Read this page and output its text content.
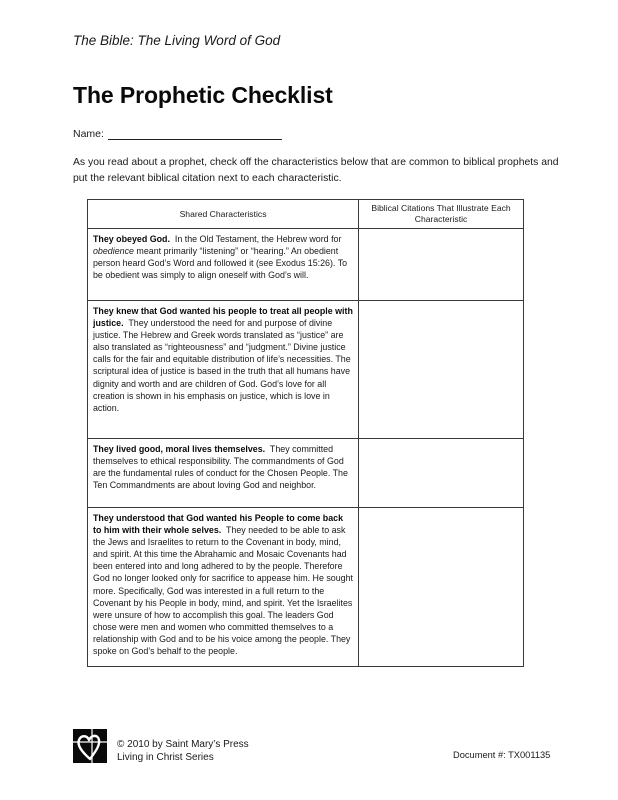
The Bible: The Living Word of God
The Prophetic Checklist
Name:
As you read about a prophet, check off the characteristics below that are common to biblical prophets and put the relevant biblical citation next to each characteristic.
Shared Characteristics	Biblical Citations That Illustrate Each Characteristic

They obeyed God. In the Old Testament, the Hebrew word for obedience meant primarily “listening” or “hearing.” An obedient person heard God’s Word and followed it (see Exodus 15:26). To be obedient was simply to align oneself with God’s will.	

They knew that God wanted his people to treat all people with justice. They understood the need for and purpose of divine justice. The Hebrew and Greek words translated as “justice” are also translated as “righteousness” and “judgment.” Divine justice calls for the fair and equitable distribution of life’s necessities. The scriptural idea of justice is based in the truth that all humans have dignity and worth and are children of God. God’s love for all creation is shown in his emphasis on justice, which is love in action.	

They lived good, moral lives themselves. They committed themselves to ethical responsibility. The commandments of God are the fundamental rules of conduct for the Chosen People. The Ten Commandments are about loving God and neighbor.	

They understood that God wanted his People to come back to him with their whole selves. They needed to be able to ask the Jews and Israelites to return to the Covenant in body, mind, and spirit. At this time the Abrahamic and Mosaic Covenants had been entered into and long adhered to by the people. Therefore God no longer looked only for sacrifice to appease him. He sought more. Specifically, God was interested in a full return to the Covenant by his People in body, mind, and spirit. Yet the Israelites were unsure of how to accomplish this goal. The leaders God chose were men and women who committed themselves to a relationship with God and to be his voice among the people. They spoke on God’s behalf to the people.	

© 2010 by Saint Mary’s Press
Living in Christ Series	Document #: TX001135
